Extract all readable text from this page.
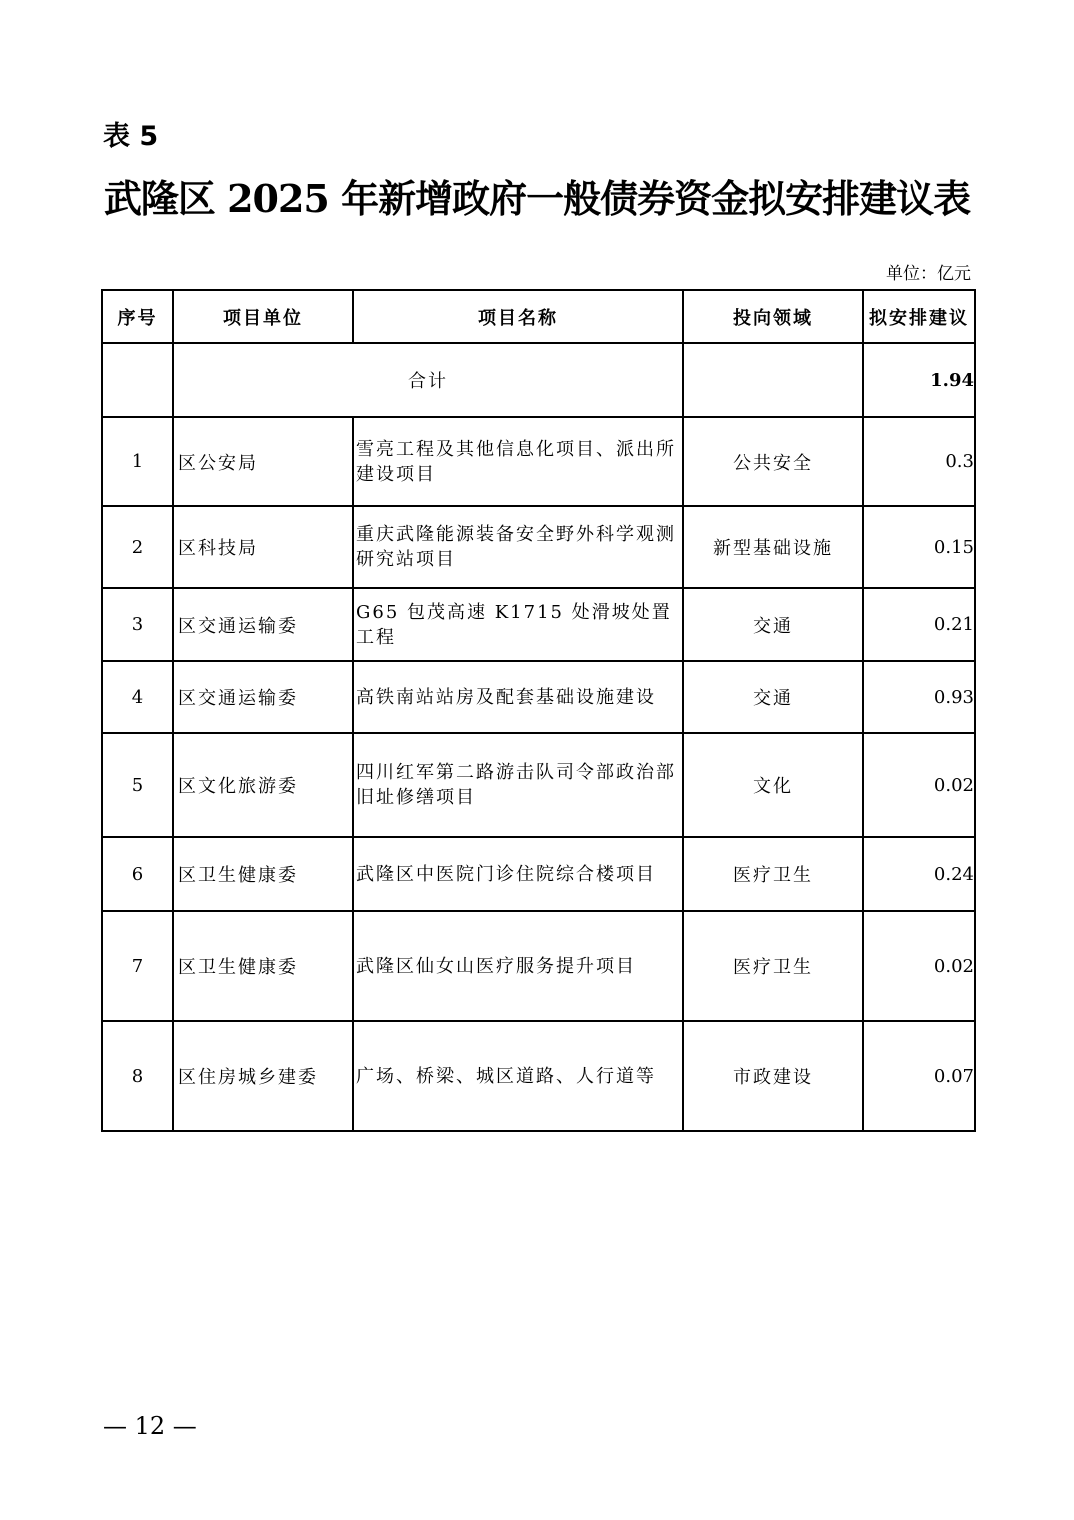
表 5
武隆区 2025 年新增政府一般债券资金拟安排建议表
单位：亿元
序号	项目单位	项目名称	投向领域	拟安排建议
	合计			1.94
1	区公安局	雪亮工程及其他信息化项目、派出所建设项目	公共安全	0.3
2	区科技局	重庆武隆能源装备安全野外科学观测研究站项目	新型基础设施	0.15
3	区交通运输委	G65 包茂高速 K1715 处滑坡处置工程	交通	0.21
4	区交通运输委	高铁南站站房及配套基础设施建设	交通	0.93
5	区文化旅游委	四川红军第二路游击队司令部政治部旧址修缮项目	文化	0.02
6	区卫生健康委	武隆区中医院门诊住院综合楼项目	医疗卫生	0.24
7	区卫生健康委	武隆区仙女山医疗服务提升项目	医疗卫生	0.02
8	区住房城乡建委	广场、桥梁、城区道路、人行道等	市政建设	0.07
— 12 —
